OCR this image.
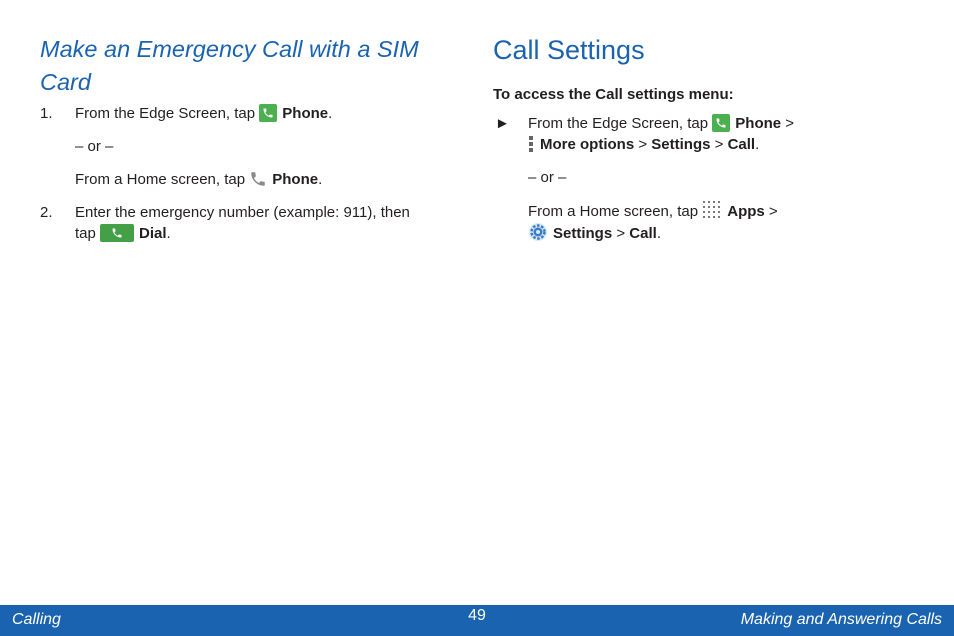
Make an Emergency Call with a SIM Card
1. From the Edge Screen, tap Phone.

– or –

From a Home screen, tap Phone.

2. Enter the emergency number (example: 911), then
tap	Dial.

Call Settings

To access the Call settings menu:

► From the Edge Screen, tap Phone >

More options > Settings > Call.

– or –

From a Home screen, tap Apps >

Settings > Call.

Calling	49	Making and Answering Calls
